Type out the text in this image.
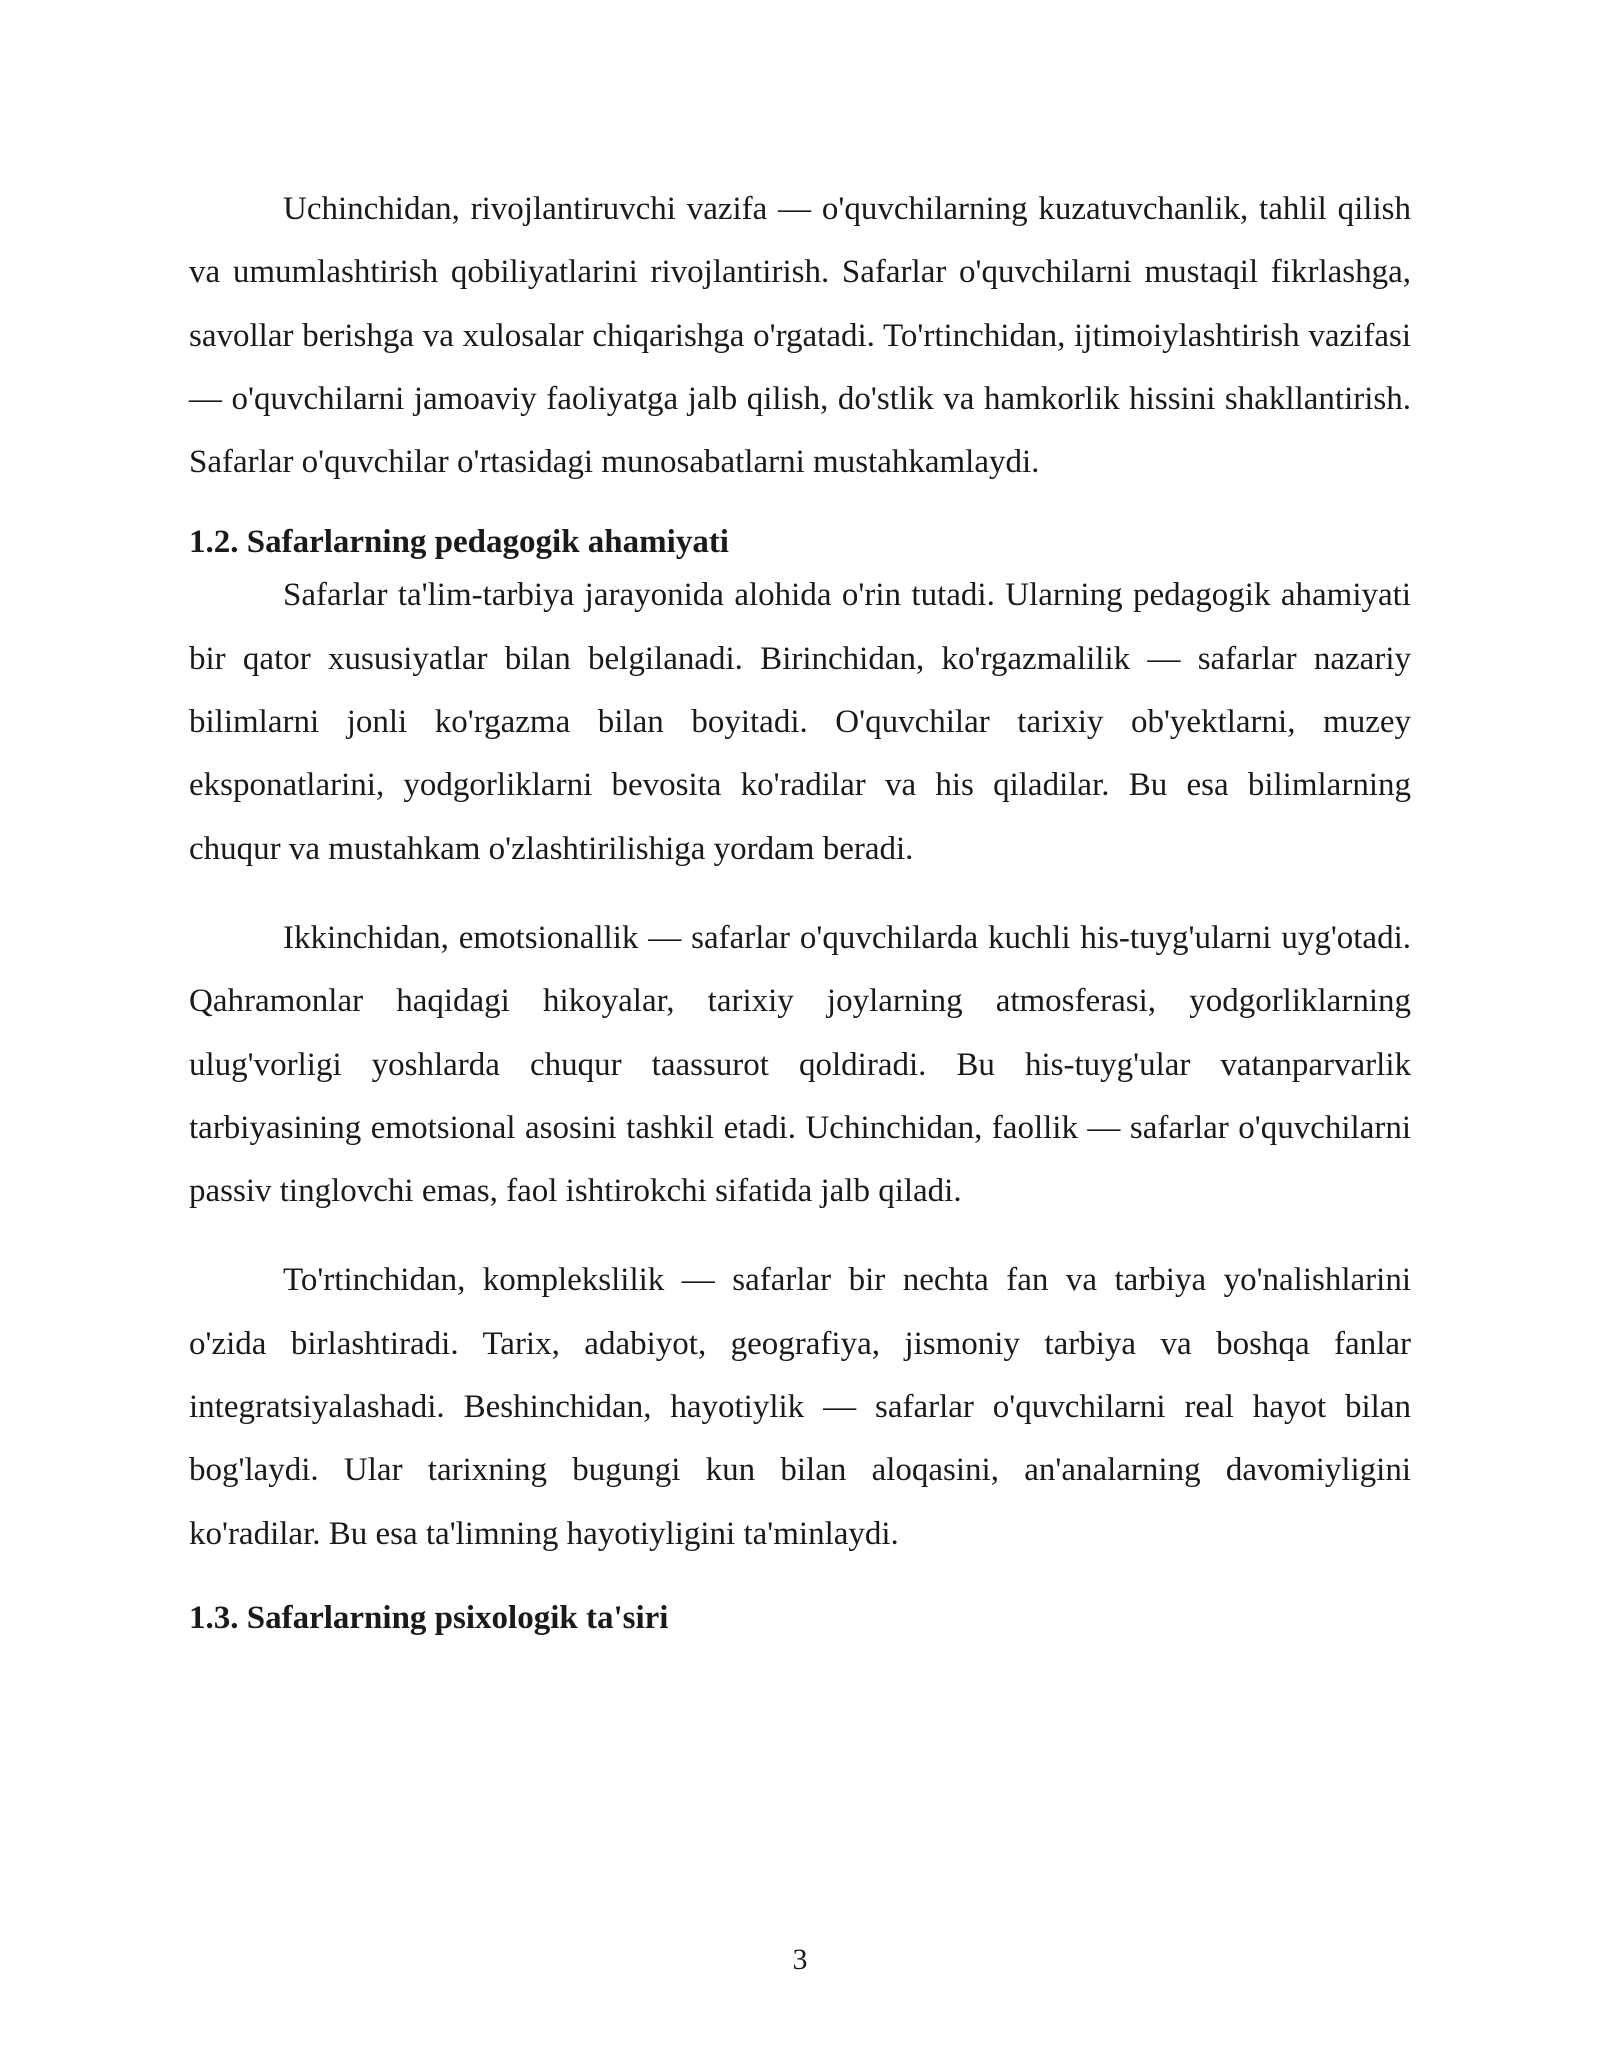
Uchinchidan, rivojlantiruvchi vazifa — o'quvchilarning kuzatuvchanlik, tahlil qilish va umumlashtirish qobiliyatlarini rivojlantirish. Safarlar o'quvchilarni mustaqil fikrlashga, savollar berishga va xulosalar chiqarishga o'rgatadi. To'rtinchidan, ijtimoiylashtirish vazifasi — o'quvchilarni jamoaviy faoliyatga jalb qilish, do'stlik va hamkorlik hissini shakllantirish. Safarlar o'quvchilar o'rtasidagi munosabatlarni mustahkamlaydi.

1.2. Safarlarning pedagogik ahamiyati

Safarlar ta'lim-tarbiya jarayonida alohida o'rin tutadi. Ularning pedagogik ahamiyati bir qator xususiyatlar bilan belgilanadi. Birinchidan, ko'rgazmalilik — safarlar nazariy bilimlarni jonli ko'rgazma bilan boyitadi. O'quvchilar tarixiy ob'yektlarni, muzey eksponatlarini, yodgorliklarni bevosita ko'radilar va his qiladilar. Bu esa bilimlarning chuqur va mustahkam o'zlashtirilishiga yordam beradi.

Ikkinchidan, emotsionallik — safarlar o'quvchilarda kuchli his-tuyg'ularni uyg'otadi. Qahramonlar haqidagi hikoyalar, tarixiy joylarning atmosferasi, yodgorliklarning ulug'vorligi yoshlarda chuqur taassurot qoldiradi. Bu his-tuyg'ular vatanparvarlik tarbiyasining emotsional asosini tashkil etadi. Uchinchidan, faollik — safarlar o'quvchilarni passiv tinglovchi emas, faol ishtirokchi sifatida jalb qiladi.

To'rtinchidan, komplekslilik — safarlar bir nechta fan va tarbiya yo'nalishlarini o'zida birlashtiradi. Tarix, adabiyot, geografiya, jismoniy tarbiya va boshqa fanlar integratsiyalashadi. Beshinchidan, hayotiylik — safarlar o'quvchilarni real hayot bilan bog'laydi. Ular tarixning bugungi kun bilan aloqasini, an'analarning davomiyligini ko'radilar. Bu esa ta'limning hayotiyligini ta'minlaydi.

1.3. Safarlarning psixologik ta'siri
3
